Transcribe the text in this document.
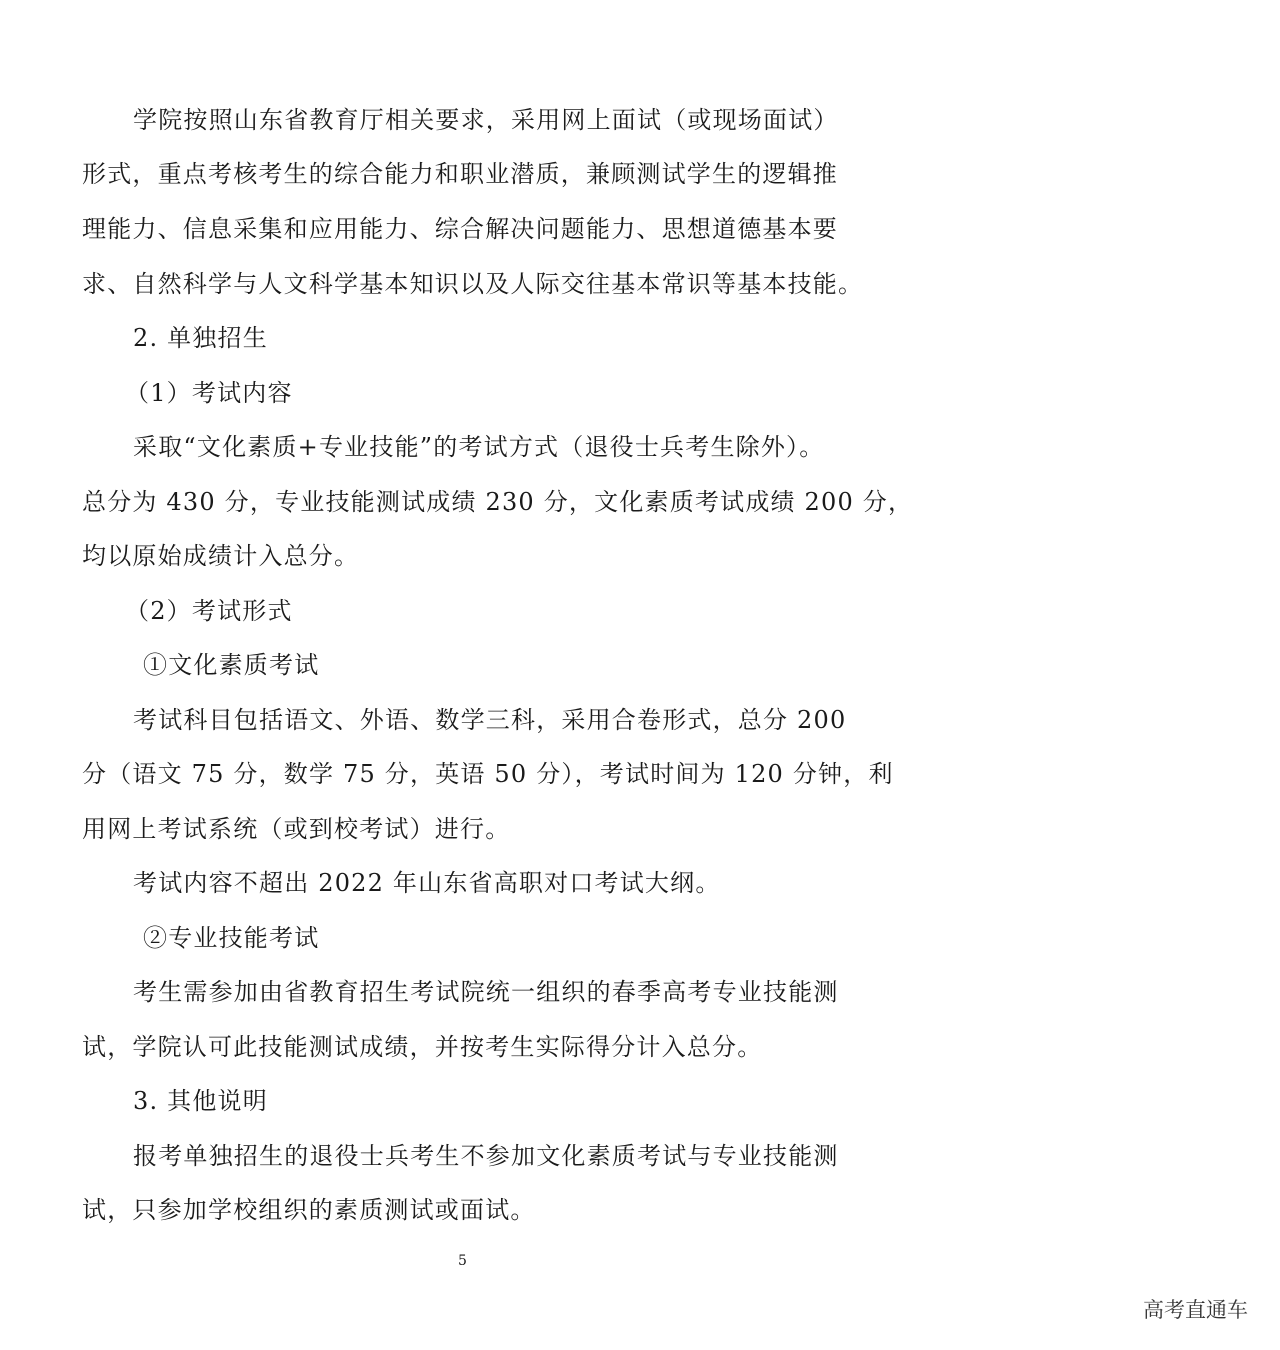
学院按照山东省教育厅相关要求，采用网上面试（或现场面试）
形式，重点考核考生的综合能力和职业潜质，兼顾测试学生的逻辑推
理能力、信息采集和应用能力、综合解决问题能力、思想道德基本要
求、自然科学与人文科学基本知识以及人际交往基本常识等基本技能。
2. 单独招生
（1）考试内容
采取“文化素质+专业技能”的考试方式（退役士兵考生除外）。
总分为 430 分，专业技能测试成绩 230 分，文化素质考试成绩 200 分，
均以原始成绩计入总分。
（2）考试形式
①文化素质考试
考试科目包括语文、外语、数学三科，采用合卷形式，总分 200
分（语文 75 分，数学 75 分，英语 50 分），考试时间为 120 分钟，利
用网上考试系统（或到校考试）进行。
考试内容不超出 2022 年山东省高职对口考试大纲。
②专业技能考试
考生需参加由省教育招生考试院统一组织的春季高考专业技能测
试，学院认可此技能测试成绩，并按考生实际得分计入总分。
3. 其他说明
报考单独招生的退役士兵考生不参加文化素质考试与专业技能测
试，只参加学校组织的素质测试或面试。
5
高考直通车
